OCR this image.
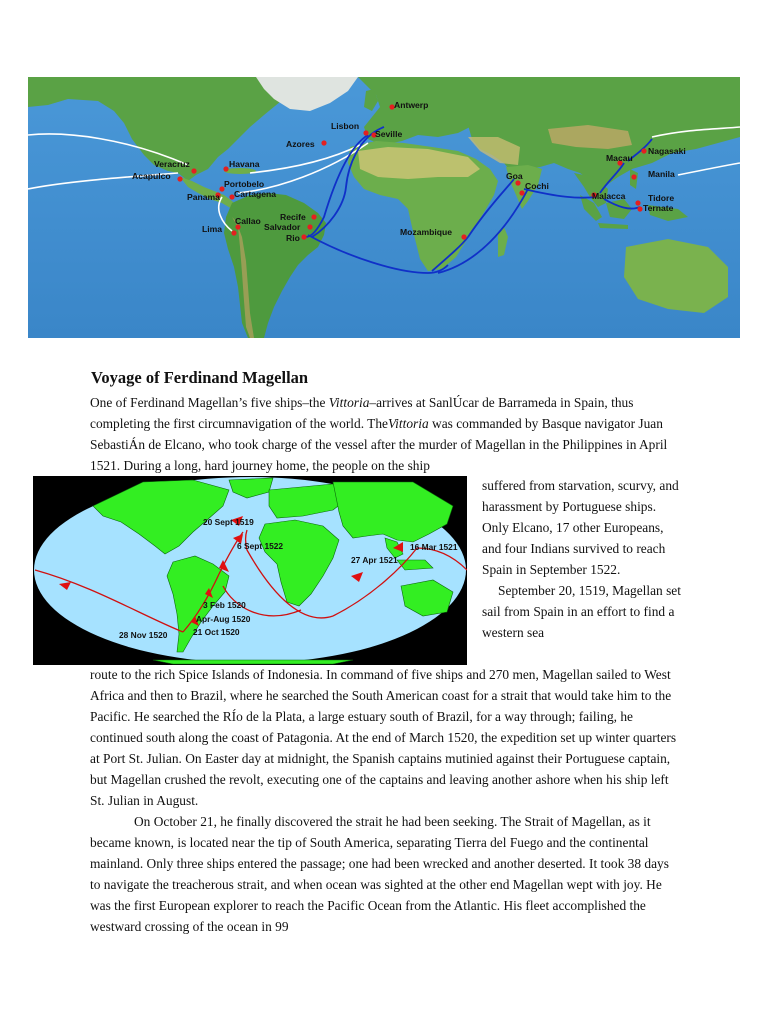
Antwerp
Lisbon
Seville
Azores
Veracruz	Havana
Acapulco
Portobelo
Panama Cartagena
Callao
Lima
Recife
Salvador
Rio
Mozambique
Goa
Cochi
Macau
Nagasaki
Manila
Malacca	Tidore
Ternate
Voyage of Ferdinand Magellan

One of Ferdinand Magellan’s five ships–the Vittoria–arrives at SanlÚcar de Barrameda in Spain, thus completing the first circumnavigation of the world. TheVittoria was commanded by Basque navigator Juan SebastiÁn de Elcano, who took charge of the vessel after the murder of Magellan in the Philippines in April 1521. During a long, hard journey home, the people on the ship

20 Sept 1519
6 Sept 1522	16 Mar 1521
27 Apr 1521
3 Feb 1520
Apr-Aug 1520
21 Oct 1520
28 Nov 1520

suffered from starvation, scurvy, and harassment by Portuguese ships. Only Elcano, 17 other Europeans, and four Indians survived to reach Spain in September 1522.
September 20, 1519, Magellan set sail from Spain in an effort to find a western sea

route to the rich Spice Islands of Indonesia. In command of five ships and 270 men, Magellan sailed to West Africa and then to Brazil, where he searched the South American coast for a strait that would take him to the Pacific. He searched the RÍo de la Plata, a large estuary south of Brazil, for a way through; failing, he continued south along the coast of Patagonia. At the end of March 1520, the expedition set up winter quarters at Port St. Julian. On Easter day at midnight, the Spanish captains mutinied against their Portuguese captain, but Magellan crushed the revolt, executing one of the captains and leaving another ashore when his ship left St. Julian in August.
On October 21, he finally discovered the strait he had been seeking. The Strait of Magellan, as it became known, is located near the tip of South America, separating Tierra del Fuego and the continental mainland. Only three ships entered the passage; one had been wrecked and another deserted. It took 38 days to navigate the treacherous strait, and when ocean was sighted at the other end Magellan wept with joy. He was the first European explorer to reach the Pacific Ocean from the Atlantic. His fleet accomplished the westward crossing of the ocean in 99
